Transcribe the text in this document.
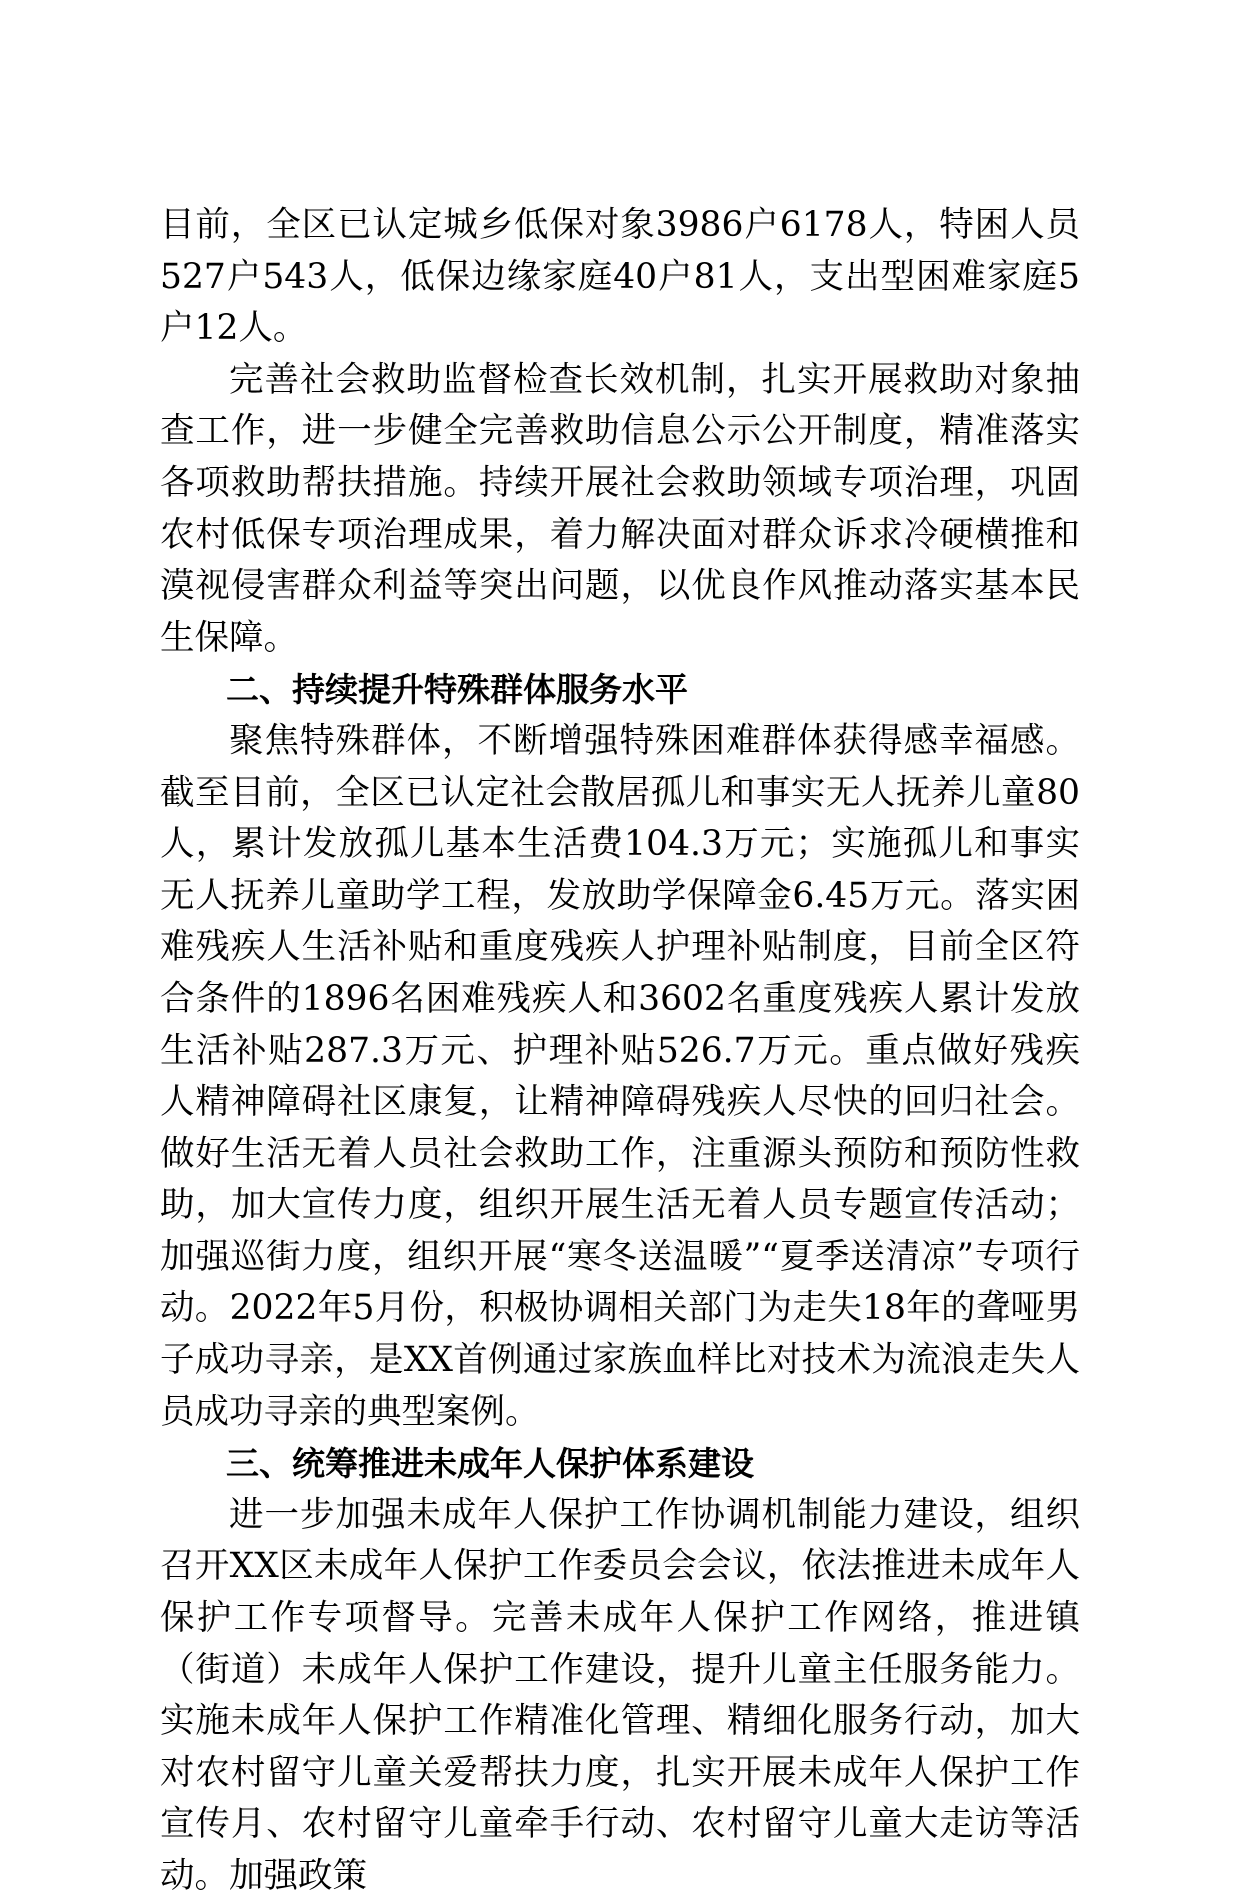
目前，全区已认定城乡低保对象3986户6178人，特困人员527户543人，低保边缘家庭40户81人，支出型困难家庭5户12人。

完善社会救助监督检查长效机制，扎实开展救助对象抽查工作，进一步健全完善救助信息公示公开制度，精准落实各项救助帮扶措施。持续开展社会救助领域专项治理，巩固农村低保专项治理成果，着力解决面对群众诉求冷硬横推和漠视侵害群众利益等突出问题，以优良作风推动落实基本民生保障。

二、持续提升特殊群体服务水平

聚焦特殊群体，不断增强特殊困难群体获得感幸福感。截至目前，全区已认定社会散居孤儿和事实无人抚养儿童80人，累计发放孤儿基本生活费104.3万元；实施孤儿和事实无人抚养儿童助学工程，发放助学保障金6.45万元。落实困难残疾人生活补贴和重度残疾人护理补贴制度，目前全区符合条件的1896名困难残疾人和3602名重度残疾人累计发放生活补贴287.3万元、护理补贴526.7万元。重点做好残疾人精神障碍社区康复，让精神障碍残疾人尽快的回归社会。做好生活无着人员社会救助工作，注重源头预防和预防性救助，加大宣传力度，组织开展生活无着人员专题宣传活动；加强巡街力度，组织开展“寒冬送温暖”“夏季送清凉”专项行动。2022年5月份，积极协调相关部门为走失18年的聋哑男子成功寻亲，是XX首例通过家族血样比对技术为流浪走失人员成功寻亲的典型案例。

三、统筹推进未成年人保护体系建设

进一步加强未成年人保护工作协调机制能力建设，组织召开XX区未成年人保护工作委员会会议，依法推进未成年人保护工作专项督导。完善未成年人保护工作网络，推进镇（街道）未成年人保护工作建设，提升儿童主任服务能力。实施未成年人保护工作精准化管理、精细化服务行动，加大对农村留守儿童关爱帮扶力度，扎实开展未成年人保护工作宣传月、农村留守儿童牵手行动、农村留守儿童大走访等活动。加强政策
